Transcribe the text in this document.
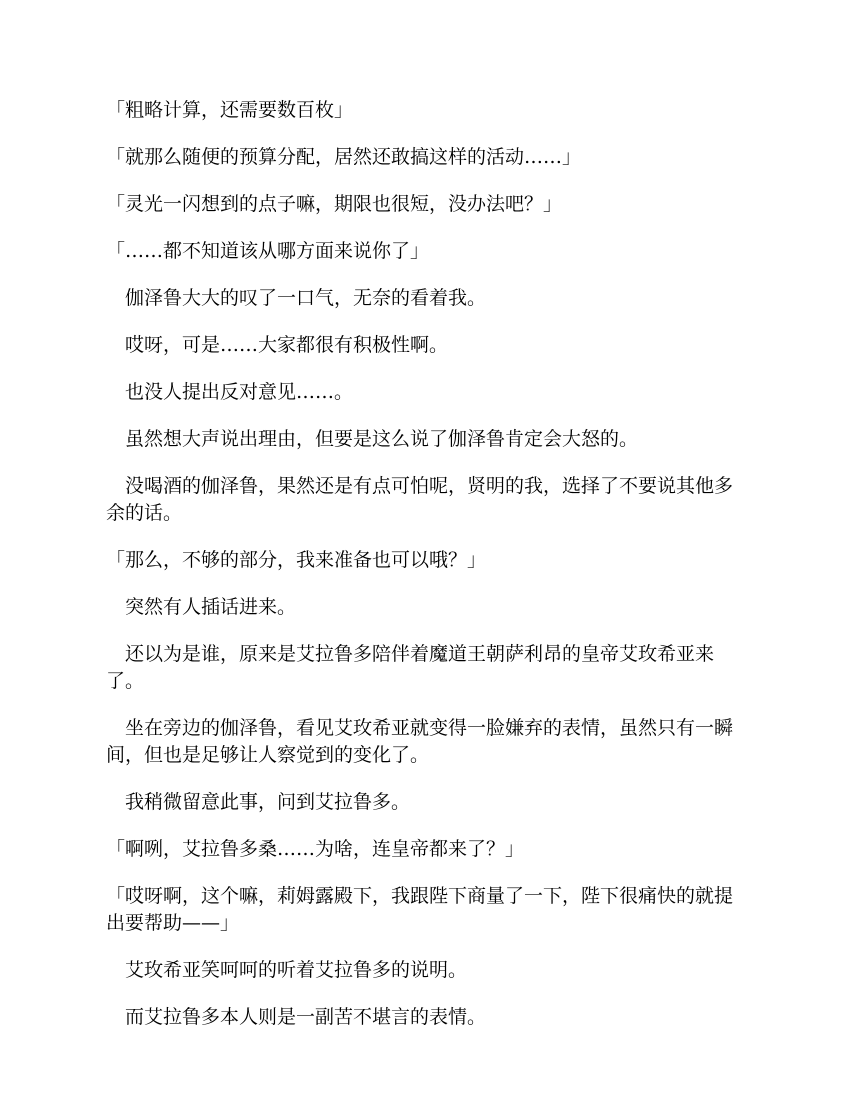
「粗略计算，还需要数百枚」

「就那么随便的预算分配，居然还敢搞这样的活动……」

「灵光一闪想到的点子嘛，期限也很短，没办法吧？」

「……都不知道该从哪方面来说你了」

　伽泽鲁大大的叹了一口气，无奈的看着我。

　哎呀，可是……大家都很有积极性啊。

　也没人提出反对意见……。

　虽然想大声说出理由，但要是这么说了伽泽鲁肯定会大怒的。

　没喝酒的伽泽鲁，果然还是有点可怕呢，贤明的我，选择了不要说其他多余的话。

「那么，不够的部分，我来准备也可以哦？」

　突然有人插话进来。

　还以为是谁，原来是艾拉鲁多陪伴着魔道王朝萨利昂的皇帝艾玫希亚来了。

　坐在旁边的伽泽鲁，看见艾玫希亚就变得一脸嫌弃的表情，虽然只有一瞬间，但也是足够让人察觉到的变化了。

　我稍微留意此事，问到艾拉鲁多。

「啊咧，艾拉鲁多桑……为啥，连皇帝都来了？」

「哎呀啊，这个嘛，莉姆露殿下，我跟陛下商量了一下，陛下很痛快的就提出要帮助——」

　艾玫希亚笑呵呵的听着艾拉鲁多的说明。

　而艾拉鲁多本人则是一副苦不堪言的表情。
